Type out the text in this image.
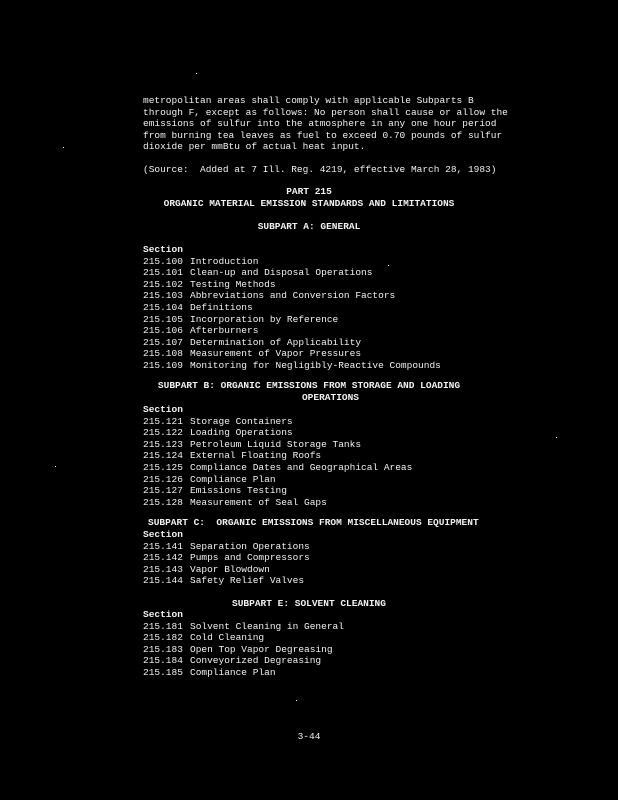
metropolitan areas shall comply with applicable Subparts B
through F, except as follows: No person shall cause or allow the
emissions of sulfur into the atmosphere in any one hour period
from burning tea leaves as fuel to exceed 0.70 pounds of sulfur
dioxide per mmBtu of actual heat input.
(Source:  Added at 7 Ill. Reg. 4219, effective March 28, 1983)
PART 215
ORGANIC MATERIAL EMISSION STANDARDS AND LIMITATIONS
SUBPART A: GENERAL
Section
215.100 Introduction
215.101 Clean-up and Disposal Operations
215.102 Testing Methods
215.103 Abbreviations and Conversion Factors
215.104 Definitions
215.105 Incorporation by Reference
215.106 Afterburners
215.107 Determination of Applicability
215.108 Measurement of Vapor Pressures
215.109 Monitoring for Negligibly-Reactive Compounds
SUBPART B: ORGANIC EMISSIONS FROM STORAGE AND LOADING
OPERATIONS
Section
215.121 Storage Containers
215.122 Loading Operations
215.123 Petroleum Liquid Storage Tanks
215.124 External Floating Roofs
215.125 Compliance Dates and Geographical Areas
215.126 Compliance Plan
215.127 Emissions Testing
215.128 Measurement of Seal Gaps
SUBPART C:  ORGANIC EMISSIONS FROM MISCELLANEOUS EQUIPMENT
Section
215.141 Separation Operations
215.142 Pumps and Compressors
215.143 Vapor Blowdown
215.144 Safety Relief Valves
SUBPART E: SOLVENT CLEANING
Section
215.181 Solvent Cleaning in General
215.182 Cold Cleaning
215.183 Open Top Vapor Degreasing
215.184 Conveyorized Degreasing
215.185 Compliance Plan
3-44
